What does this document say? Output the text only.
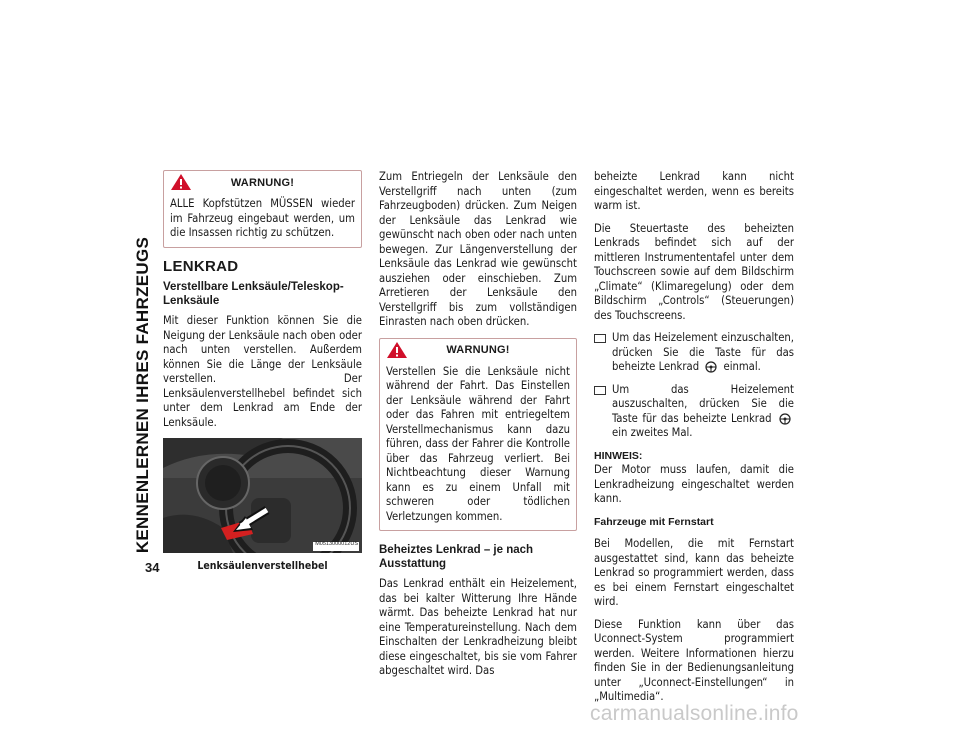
KENNENLERNEN IHRES FAHRZEUGS
34
WARNUNG!
ALLE Kopfstützen MÜSSEN wieder im Fahrzeug eingebaut werden, um die Insassen richtig zu schützen.
LENKRAD
Verstellbare Lenksäule/Teleskop-Lenksäule

Mit dieser Funktion können Sie die Neigung der Lenksäule nach oben oder nach unten verstellen. Außerdem können Sie die Länge der Lenksäule verstellen. Der Lenksäulenverstellhebel befindet sich unter dem Lenkrad am Ende der Lenksäule.

M0513000012US
Lenksäulenverstellhebel

Zum Entriegeln der Lenksäule den Verstellgriff nach unten (zum Fahrzeugboden) drücken. Zum Neigen der Lenksäule das Lenkrad wie gewünscht nach oben oder nach unten bewegen. Zur Längenverstellung der Lenksäule das Lenkrad wie gewünscht ausziehen oder einschieben. Zum Arretieren der Lenksäule den Verstellgriff bis zum vollständigen Einrasten nach oben drücken.

WARNUNG!
Verstellen Sie die Lenksäule nicht während der Fahrt. Das Einstellen der Lenksäule während der Fahrt oder das Fahren mit entriegeltem Verstellmechanismus kann dazu führen, dass der Fahrer die Kontrolle über das Fahrzeug verliert. Bei Nichtbeachtung dieser Warnung kann es zu einem Unfall mit schweren oder tödlichen Verletzungen kommen.
Beheiztes Lenkrad – je nach Ausstattung

Das Lenkrad enthält ein Heizelement, das bei kalter Witterung Ihre Hände wärmt. Das beheizte Lenkrad hat nur eine Temperatureinstellung. Nach dem Einschalten der Lenkradheizung bleibt diese eingeschaltet, bis sie vom Fahrer abgeschaltet wird. Das

beheizte Lenkrad kann nicht eingeschaltet werden, wenn es bereits warm ist.

Die Steuertaste des beheizten Lenkrads befindet sich auf der mittleren Instrumententafel unter dem Touchscreen sowie auf dem Bildschirm „Climate“ (Klimaregelung) oder dem Bildschirm „Controls“ (Steuerungen) des Touchscreens.

Um das Heizelement einzuschalten, drücken Sie die Taste für das beheizte Lenkrad einmal.
Um das Heizelement auszuschalten, drücken Sie die Taste für das beheizte Lenkrad  ein zweites Mal.
HINWEIS:

Der Motor muss laufen, damit die Lenkradheizung eingeschaltet werden kann.

Fahrzeuge mit Fernstart

Bei Modellen, die mit Fernstart ausgestattet sind, kann das beheizte Lenkrad so programmiert werden, dass es bei einem Fernstart eingeschaltet wird.

Diese Funktion kann über das Uconnect-System programmiert werden. Weitere Informationen hierzu finden Sie in der Bedienungsanleitung unter „Uconnect-Einstellungen“ in „Multimedia“.

carmanualsonline.info
